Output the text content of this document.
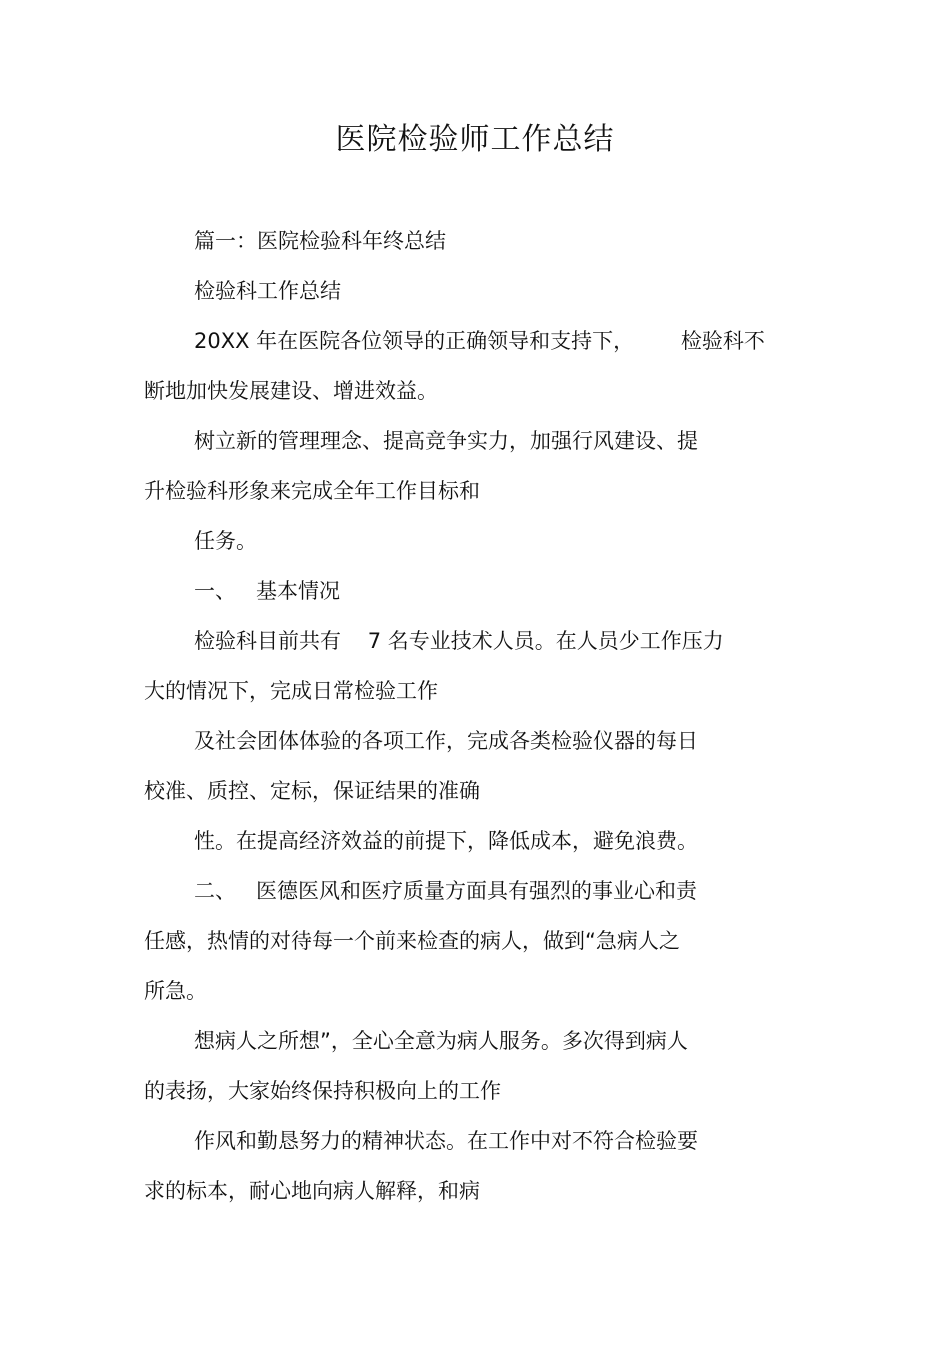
医院检验师工作总结
篇一：医院检验科年终总结
检验科工作总结
20XX 年在医院各位领导的正确领导和支持下，       检验科不
断地加快发展建设、增进效益。
树立新的管理理念、提高竞争实力，加强行风建设、提
升检验科形象来完成全年工作目标和
任务。
一、   基本情况
检验科目前共有    7 名专业技术人员。在人员少工作压力
大的情况下，完成日常检验工作
及社会团体体验的各项工作，完成各类检验仪器的每日
校准、质控、定标，保证结果的准确
性。在提高经济效益的前提下，降低成本，避免浪费。
二、   医德医风和医疗质量方面具有强烈的事业心和责
任感，热情的对待每一个前来检查的病人，做到“急病人之
所急。
想病人之所想”，全心全意为病人服务。多次得到病人
的表扬，大家始终保持积极向上的工作
作风和勤恳努力的精神状态。在工作中对不符合检验要
求的标本，耐心地向病人解释，和病
